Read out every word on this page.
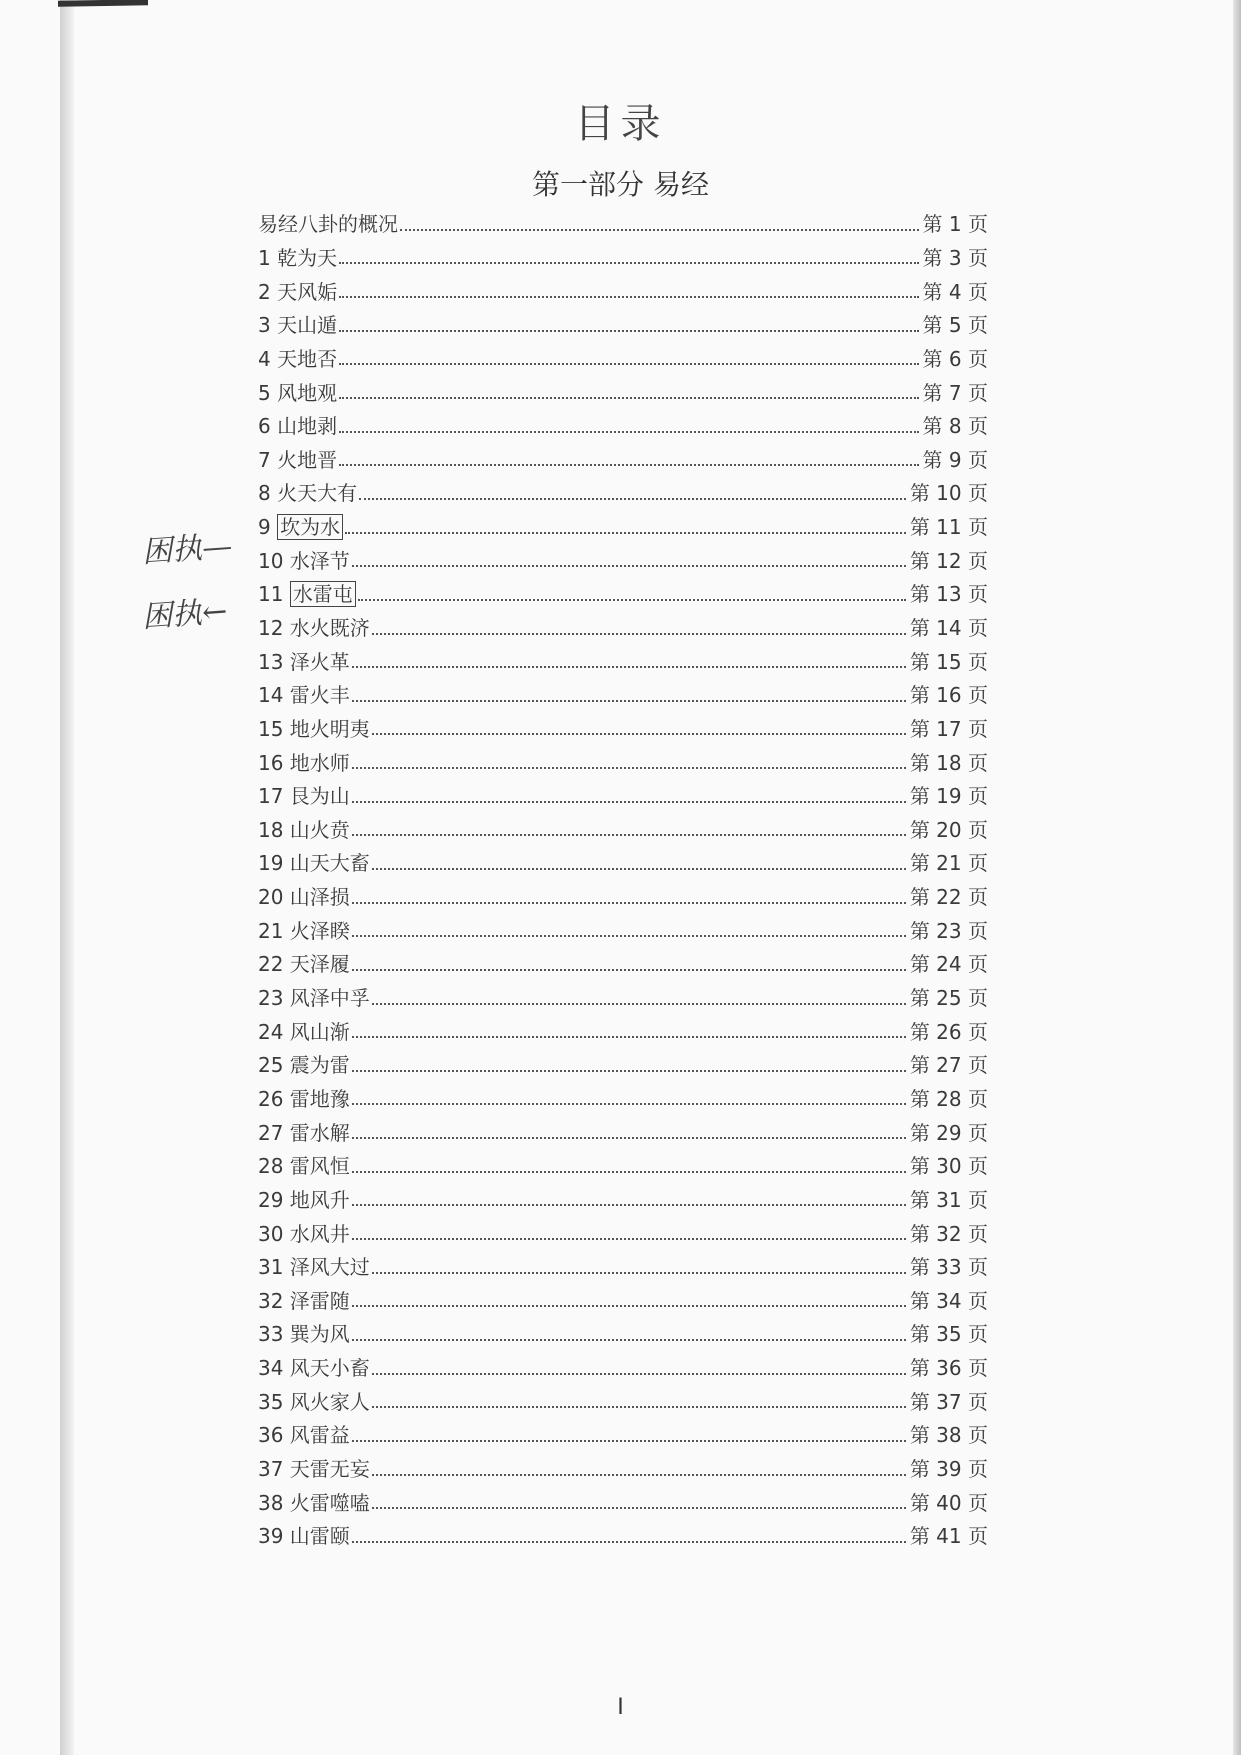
目录
第一部分 易经
易经八卦的概况	第 1 页
1 乾为天	第 3 页
2 天风姤	第 4 页
3 天山遁	第 5 页
4 天地否	第 6 页
5 风地观	第 7 页
6 山地剥	第 8 页
7 火地晋	第 9 页
8 火天大有	第 10 页
9 坎为水	第 11 页
10 水泽节	第 12 页
11 水雷屯	第 13 页
12 水火既济	第 14 页
13 泽火革	第 15 页
14 雷火丰	第 16 页
15 地火明夷	第 17 页
16 地水师	第 18 页
17 艮为山	第 19 页
18 山火贲	第 20 页
19 山天大畜	第 21 页
20 山泽损	第 22 页
21 火泽睽	第 23 页
22 天泽履	第 24 页
23 风泽中孚	第 25 页
24 风山渐	第 26 页
25 震为雷	第 27 页
26 雷地豫	第 28 页
27 雷水解	第 29 页
28 雷风恒	第 30 页
29 地风升	第 31 页
30 水风井	第 32 页
31 泽风大过	第 33 页
32 泽雷随	第 34 页
33 巽为风	第 35 页
34 风天小畜	第 36 页
35 风火家人	第 37 页
36 风雷益	第 38 页
37 天雷无妄	第 39 页
38 火雷噬嗑	第 40 页
39 山雷颐	第 41 页
困执—
困执←
I
